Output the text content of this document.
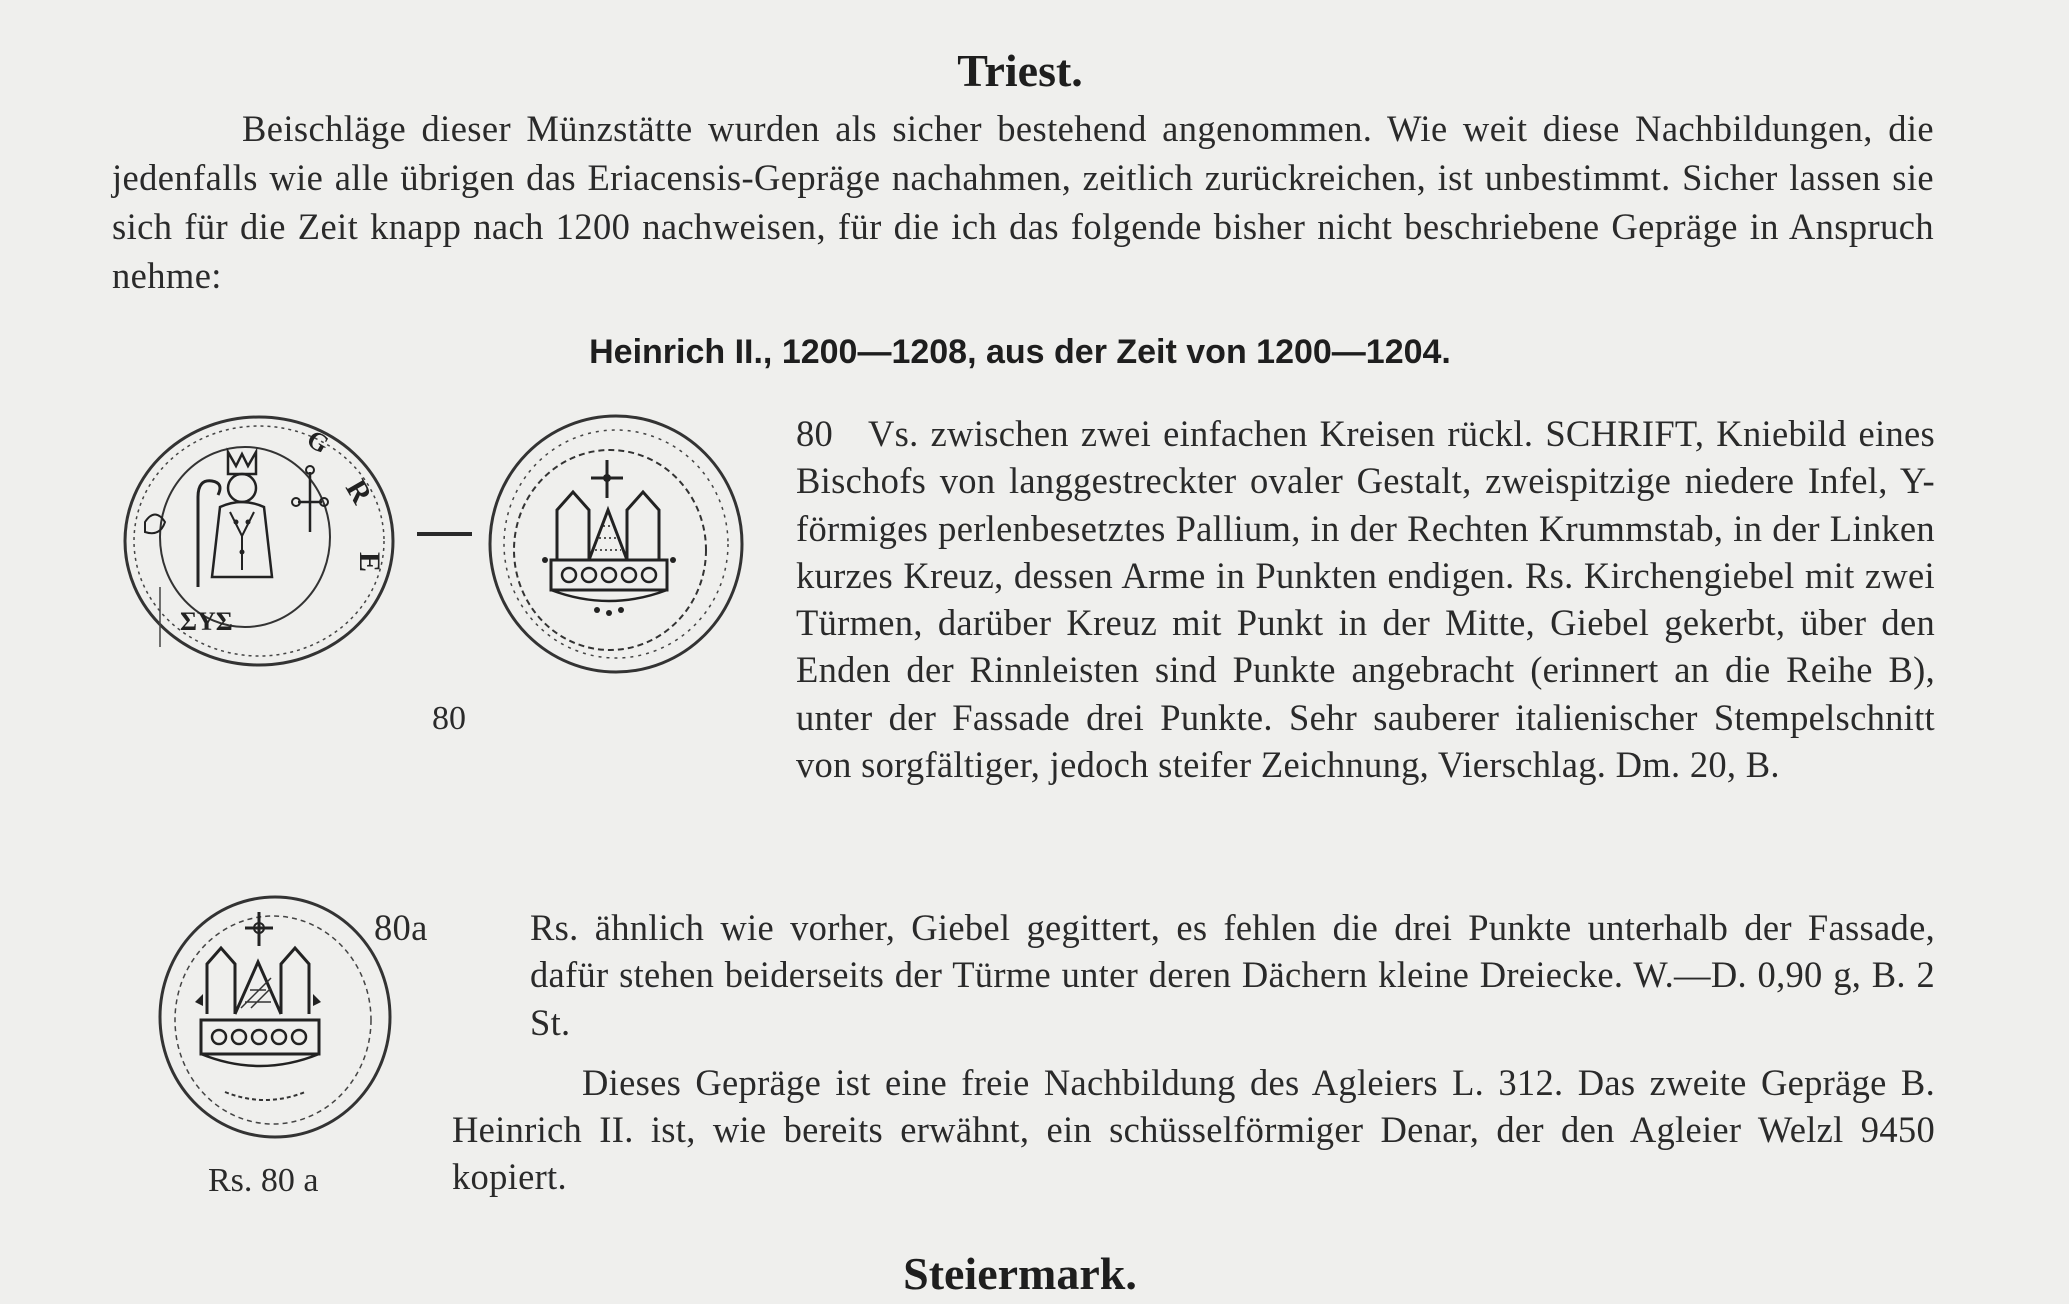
Triest.
Beischläge dieser Münzstätte wurden als sicher bestehend angenommen. Wie weit diese Nachbildungen, die jedenfalls wie alle übrigen das Eriacensis-Gepräge nachahmen, zeitlich zurückreichen, ist unbestimmt. Sicher lassen sie sich für die Zeit knapp nach 1200 nachweisen, für die ich das folgende bisher nicht beschriebene Gepräge in Anspruch nehme:
Heinrich II., 1200—1208, aus der Zeit von 1200—1204.
R
E
G
ΣΥΣ
80
80 Vs. zwischen zwei einfachen Kreisen rückl. SCHRIFT, Kniebild eines Bischofs von langgestreckter ovaler Gestalt, zweispitzige niedere Infel, Y-förmiges perlenbesetztes Pallium, in der Rechten Krummstab, in der Linken kurzes Kreuz, dessen Arme in Punkten endigen. Rs. Kirchengiebel mit zwei Türmen, darüber Kreuz mit Punkt in der Mitte, Giebel gekerbt, über den Enden der Rinnleisten sind Punkte angebracht (erinnert an die Reihe B), unter der Fassade drei Punkte. Sehr sauberer italienischer Stempelschnitt von sorgfältiger, jedoch steifer Zeichnung, Vierschlag. Dm. 20, B.
Rs. 80 a
80a	Rs. ähnlich wie vorher, Giebel gegittert, es fehlen die drei Punkte unterhalb der Fassade, dafür stehen beiderseits der Türme unter deren Dächern kleine Dreiecke. W.—D. 0,90 g, B. 2 St.
Dieses Gepräge ist eine freie Nachbildung des Agleiers L. 312. Das zweite Gepräge B. Heinrich II. ist, wie bereits erwähnt, ein schüsselförmiger Denar, der den Agleier Welzl 9450 kopiert.
Steiermark.
